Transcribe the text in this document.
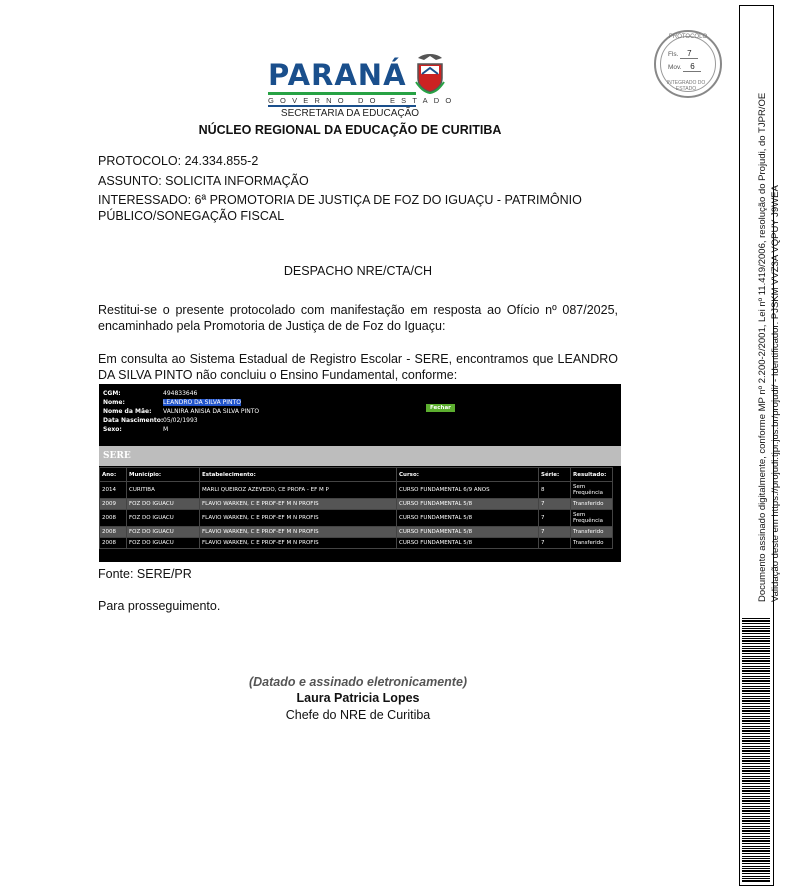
PARANÁ
GOVERNO DO ESTADO
SECRETARIA DA EDUCAÇÃO
NÚCLEO REGIONAL DA EDUCAÇÃO DE CURITIBA
PROTOCOLO
Fls. 7
Mov. 6
INTEGRADO DO ESTADO
PROTOCOLO: 24.334.855-2
ASSUNTO: SOLICITA INFORMAÇÃO
INTERESSADO: 6ª PROMOTORIA DE JUSTIÇA DE FOZ DO IGUAÇU - PATRIMÔNIO
PÚBLICO/SONEGAÇÃO FISCAL
DESPACHO NRE/CTA/CH
Restitui-se o presente protocolado com manifestação em resposta ao Ofício nº 087/2025, encaminhado pela Promotoria de Justiça de de Foz do Iguaçu:
Em consulta ao Sistema Estadual de Registro Escolar - SERE, encontramos que LEANDRO DA SILVA PINTO não concluiu o Ensino Fundamental, conforme:
CGM:	494833646
Nome:	LEANDRO DA SILVA PINTO
Nome da Mãe: VALNIRA ANISIA DA SILVA PINTO
Data Nascimento: 05/02/1993
Sexo:	M
Fechar
SERE
Ano:	Município:	Estabelecimento:	Curso:	Série:	Resultado:
2014	CURITIBA	MARLI QUEIROZ AZEVEDO, CE PROFA - EF M P	CURSO FUNDAMENTAL 6/9 ANOS	8	Sem Frequência
2009	FOZ DO IGUACU	FLAVIO WARKEN, C E PROF-EF M N PROFIS	CURSO FUNDAMENTAL 5/8	7	Transferido
2008	FOZ DO IGUACU	FLAVIO WARKEN, C E PROF-EF M N PROFIS	CURSO FUNDAMENTAL 5/8	7	Sem Frequência
2008	FOZ DO IGUACU	FLAVIO WARKEN, C E PROF-EF M N PROFIS	CURSO FUNDAMENTAL 5/8	7	Transferido
2008	FOZ DO IGUACU	FLAVIO WARKEN, C E PROF-EF M N PROFIS	CURSO FUNDAMENTAL 5/8	7	Transferido
Fonte: SERE/PR
Para prosseguimento.
(Datado e assinado eletronicamente)
Laura Patricia Lopes
Chefe do NRE de Curitiba
Documento assinado digitalmente, conforme MP nº 2.200-2/2001, Lei nº 11.419/2006, resolução do Projudi, do TJPR/OE Validação deste em https://projudi.tjpr.jus.br/projudi/ - Identificador: PJSKM VVZ3A VQPUY J9WEA
